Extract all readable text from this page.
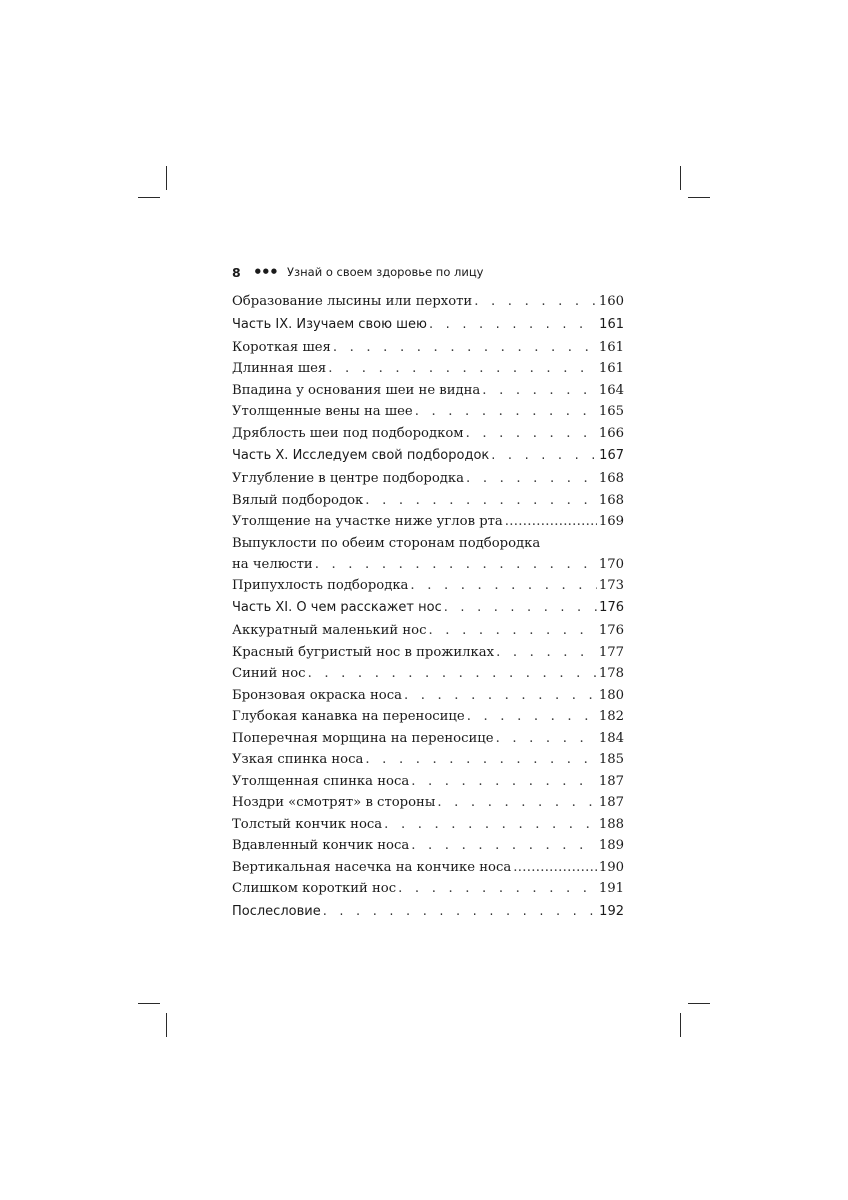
8 ●●● Узнай о своем здоровье по лицу
Образование лысины или перхоти . . .	160
Часть IX. Изучаем свою шею . . .	161
Короткая шея . . .	161
Длинная шея . . .	161
Впадина у основания шеи не видна . . .	164
Утолщенные вены на шее . . .	165
Дряблость шеи под подбородком . . .	166
Часть X. Исследуем свой подбородок . . .	167
Углубление в центре подбородка . . .	168
Вялый подбородок . . .	168
Утолщение на участке ниже углов рта .....	169
Выпуклости по обеим сторонам подбородка
на челюсти . . .	170
Припухлость подбородка . . .	173
Часть XI. О чем расскажет нос . . .	176
Аккуратный маленький нос . . .	176
Красный бугристый нос в прожилках . . .	177
Синий нос . . .	178
Бронзовая окраска носа . . .	180
Глубокая канавка на переносице . . .	182
Поперечная морщина на переносице . . .	184
Узкая спинка носа . . .	185
Утолщенная спинка носа . . .	187
Ноздри «смотрят» в стороны . . .	187
Толстый кончик носа . . .	188
Вдавленный кончик носа . . .	189
Вертикальная насечка на кончике носа .....	190
Слишком короткий нос . . .	191
Послесловие . . .	192
